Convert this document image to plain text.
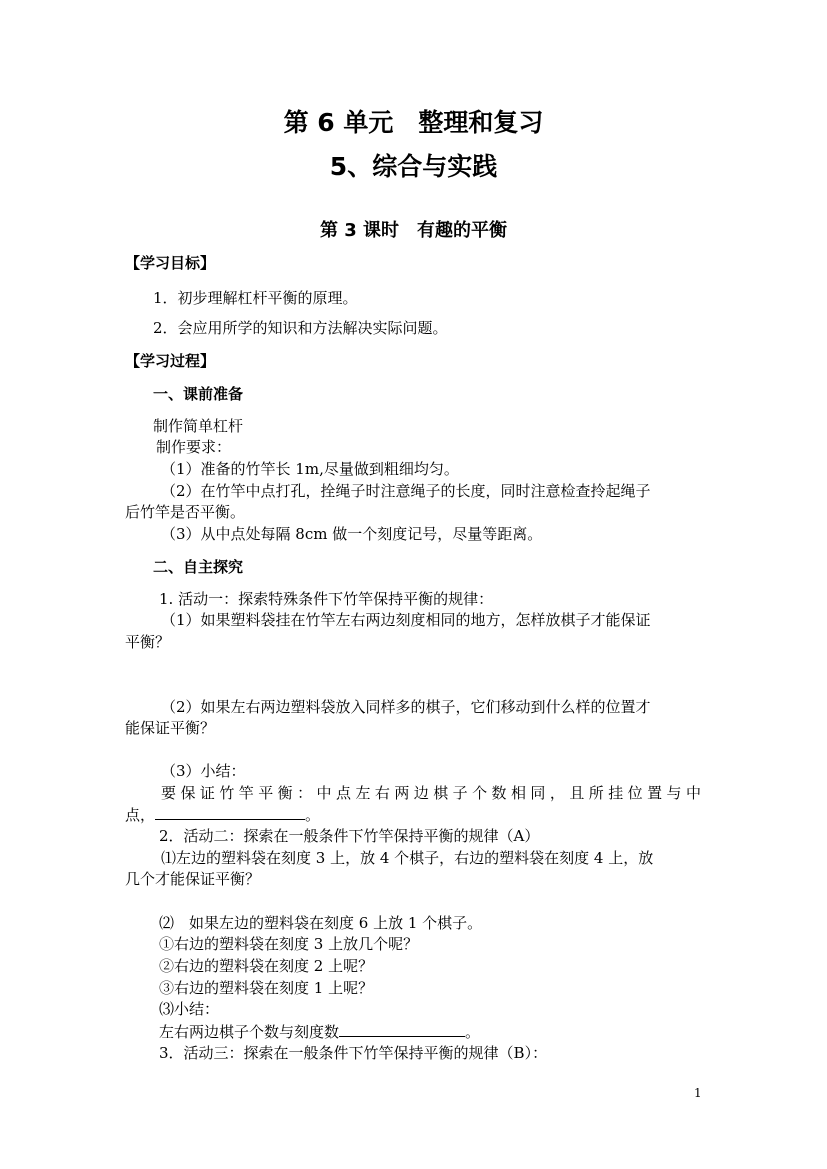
第 6 单元　整理和复习
5、综合与实践
第 3 课时　有趣的平衡
【学习目标】
1．初步理解杠杆平衡的原理。
2．会应用所学的知识和方法解决实际问题。
【学习过程】
一、课前准备
制作简单杠杆
制作要求：
（1）准备的竹竿长 1m,尽量做到粗细均匀。
（2）在竹竿中点打孔，拴绳子时注意绳子的长度，同时注意检查拎起绳子
后竹竿是否平衡。
（3）从中点处每隔 8cm 做一个刻度记号，尽量等距离。
二、自主探究
1. 活动一：探索特殊条件下竹竿保持平衡的规律：
（1）如果塑料袋挂在竹竿左右两边刻度相同的地方，怎样放棋子才能保证
平衡？
（2）如果左右两边塑料袋放入同样多的棋子，它们移动到什么样的位置才
能保证平衡？
（3）小结：
要保证竹竿平衡：中点左右两边棋子个数相同，且所挂位置与中
点，	。
2．活动二：探索在一般条件下竹竿保持平衡的规律（A）
⑴左边的塑料袋在刻度 3 上，放 4 个棋子，右边的塑料袋在刻度 4 上，放
几个才能保证平衡？
⑵　如果左边的塑料袋在刻度 6 上放 1 个棋子。
①右边的塑料袋在刻度 3 上放几个呢？
②右边的塑料袋在刻度 2 上呢？
③右边的塑料袋在刻度 1 上呢？
⑶小结：
左右两边棋子个数与刻度数	。
3．活动三：探索在一般条件下竹竿保持平衡的规律（B）：
1
